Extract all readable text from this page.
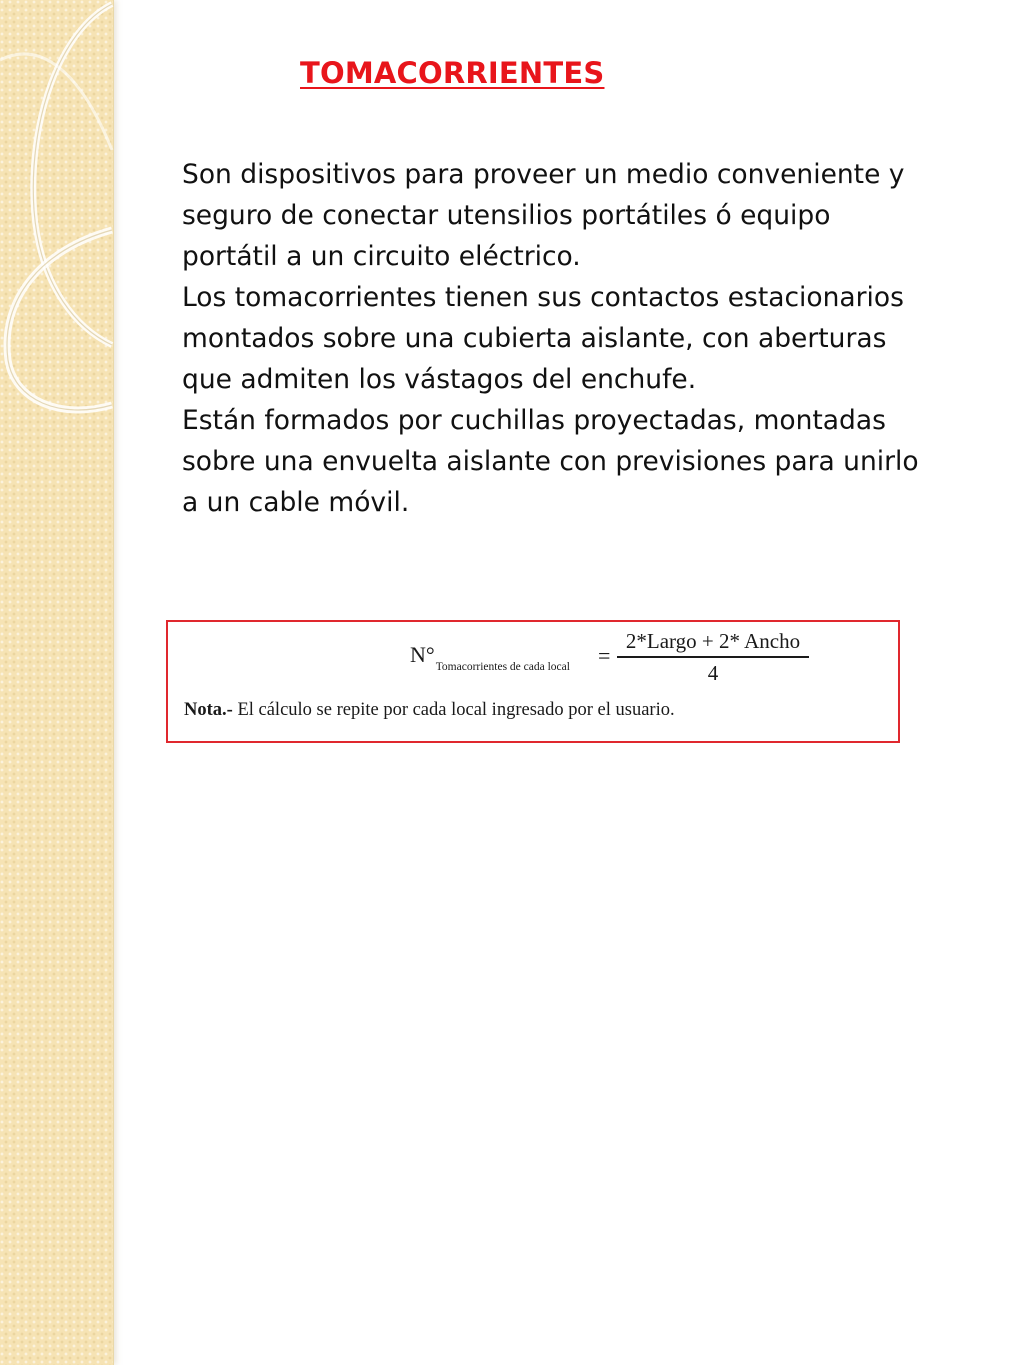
TOMACORRIENTES

Son dispositivos para proveer un medio conveniente y seguro de conectar utensilios portátiles ó equipo portátil a un circuito eléctrico.

Los tomacorrientes tienen sus contactos estacionarios montados sobre una cubierta aislante, con aberturas que admiten los vástagos del enchufe.

Están formados por cuchillas proyectadas, montadas sobre una envuelta aislante con previsiones para unirlo a un cable móvil.

$N^\circ_{Tomacorrientes de cada local}$ =
2*Largo + 2* Ancho
4
Nota.- El cálculo se repite por cada local ingresado por el usuario.
